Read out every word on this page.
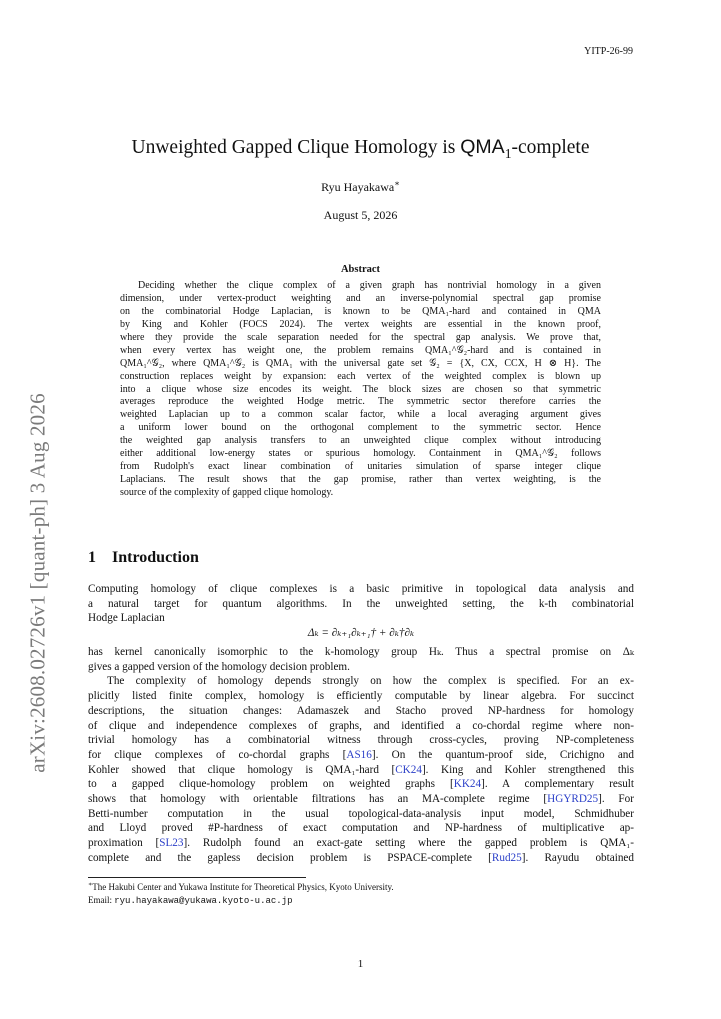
YITP-26-99
arXiv:2608.02726v1 [quant-ph] 3 Aug 2026
Unweighted Gapped Clique Homology is $QMA_1$-complete
Ryu Hayakawa∗
August 5, 2026
Abstract
Deciding whether the clique complex of a given graph has nontrivial homology in a given
dimension, under vertex-product weighting and an inverse-polynomial spectral gap promise
on the combinatorial Hodge Laplacian, is known to be QMA₁-hard and contained in QMA
by King and Kohler (FOCS 2024). The vertex weights are essential in the known proof,
where they provide the scale separation needed for the spectral gap analysis. We prove that,
when every vertex has weight one, the problem remains QMA₁^𝒢₂-hard and is contained in
QMA₁^𝒢₂, where QMA₁^𝒢₂ is QMA₁ with the universal gate set 𝒢₂ = {X, CX, CCX, H ⊗ H}. The
construction replaces weight by expansion: each vertex of the weighted complex is blown up
into a clique whose size encodes its weight. The block sizes are chosen so that symmetric
averages reproduce the weighted Hodge metric. The symmetric sector therefore carries the
weighted Laplacian up to a common scalar factor, while a local averaging argument gives
a uniform lower bound on the orthogonal complement to the symmetric sector. Hence
the weighted gap analysis transfers to an unweighted clique complex without introducing
either additional low-energy states or spurious homology. Containment in QMA₁^𝒢₂ follows
from Rudolph's exact linear combination of unitaries simulation of sparse integer clique
Laplacians. The result shows that the gap promise, rather than vertex weighting, is the
source of the complexity of gapped clique homology.
1 Introduction
Computing homology of clique complexes is a basic primitive in topological data analysis and
a natural target for quantum algorithms. In the unweighted setting, the k-th combinatorial
Hodge Laplacian
Δₖ = ∂ₖ₊₁∂ₖ₊₁† + ∂ₖ†∂ₖ
has kernel canonically isomorphic to the k-homology group Hₖ. Thus a spectral promise on Δₖ
gives a gapped version of the homology decision problem.
The complexity of homology depends strongly on how the complex is specified. For an ex-
plicitly listed finite complex, homology is efficiently computable by linear algebra. For succinct
descriptions, the situation changes: Adamaszek and Stacho proved NP-hardness for homology
of clique and independence complexes of graphs, and identified a co-chordal regime where non-
trivial homology has a combinatorial witness through cross-cycles, proving NP-completeness
for clique complexes of co-chordal graphs [AS16]. On the quantum-proof side, Crichigno and
Kohler showed that clique homology is QMA₁-hard [CK24]. King and Kohler strengthened this
to a gapped clique-homology problem on weighted graphs [KK24]. A complementary result
shows that homology with orientable filtrations has an MA-complete regime [HGYRD25]. For
Betti-number computation in the usual topological-data-analysis input model, Schmidhuber
and Lloyd proved #P-hardness of exact computation and NP-hardness of multiplicative ap-
proximation [SL23]. Rudolph found an exact-gate setting where the gapped problem is QMA₁-
complete and the gapless decision problem is PSPACE-complete [Rud25]. Rayudu obtained
∗The Hakubi Center and Yukawa Institute for Theoretical Physics, Kyoto University.
Email: ryu.hayakawa@yukawa.kyoto-u.ac.jp
1
